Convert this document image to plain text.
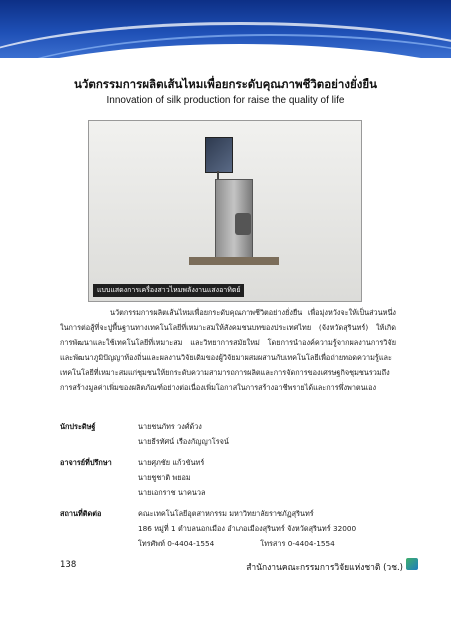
นวัตกรรมการผลิตเส้นไหมเพื่อยกระดับคุณภาพชีวิตอย่างยั่งยืน
Innovation of silk production for raise the quality of life
แบบแสดงการเครื่องสาวไหมพลังงานแสงอาทิตย์
นวัตกรรมการผลิตเส้นไหมเพื่อยกระดับคุณภาพชีวิตอย่างยั่งยืน เพื่อมุ่งหวังจะให้เป็นส่วนหนึ่งในการต่อสู้ที่จะปูพื้นฐานทางเทคโนโลยีที่เหมาะสมให้สังคมชนบทของประเทศไทย (จังหวัดสุรินทร์) ให้เกิดการพัฒนาและใช้เทคโนโลยีที่เหมาะสม และวิทยาการสมัยใหม่ โดยการนำองค์ความรู้จากผลงานการวิจัยและพัฒนาภูมิปัญญาท้องถิ่นและผลงานวิจัยเดิมของผู้วิจัยมาผสมผสานกับเทคโนโลยีเพื่อถ่ายทอดความรู้และเทคโนโลยีที่เหมาะสมแก่ชุมชนให้ยกระดับความสามารถการผลิตและการจัดการของเศรษฐกิจชุมชนรวมถึงการสร้างมูลค่าเพิ่มของผลิตภัณฑ์อย่างต่อเนื่องเพิ่มโอกาสในการสร้างอาชีพรายได้และการพึ่งพาตนเอง
นักประดิษฐ์	นายชนภัทร วงศ์ด้วง
นายธีรทัศน์ เรืองกัญญาโรจน์
อาจารย์ที่ปรึกษา	นายศุภชัย แก้วขันทร์
นายชูชาติ พยอม
นายเอกราช นาคนวล
สถานที่ติดต่อ	คณะเทคโนโลยีอุตสาหกรรม มหาวิทยาลัยราชภัฏสุรินทร์
186 หมู่ที่ 1 ตำบลนอกเมือง อำเภอเมืองสุรินทร์ จังหวัดสุรินทร์ 32000
โทรศัพท์ 0-4404-1554	โทรสาร 0-4404-1554
138	สำนักงานคณะกรรมการวิจัยแห่งชาติ (วช.)
